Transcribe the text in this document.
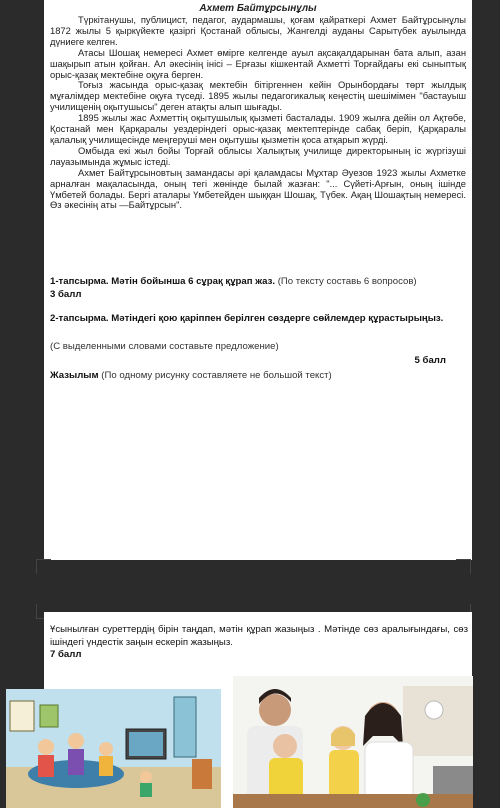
Ахмет Байтұрсынұлы

Түркітанушы, публицист, педагог, аудармашы, қоғам қайраткері Ахмет Байтұрсынұлы 1872 жылы 5 қыркүйекте қазіргі Қостанай облысы, Жангелді ауданы Сарытүбек ауылында дүниеге келген.

Атасы Шошақ немересі Ахмет өмірге келгенде ауыл ақсақалдарынан бата алып, азан шақырып атын қойған. Ал әкесінің інісі – Ерғазы кішкентай Ахметті Торғайдағы екі сыныптық орыс-қазақ мектебіне оқуға берген.

Тоғыз жасында орыс-қазақ мектебін бітіргеннен кейін Орынбордағы төрт жылдық мұғалімдер мектебіне оқуға түседі. 1895 жылы педагогикалық кеңестің шешімімен "бастауыш училищенің оқытушысы" деген атақты алып шығады.

1895 жылы жас Ахметтің оқытушылық қызметі басталады. 1909 жылға дейін ол Ақтөбе, Қостанай мен Қарқаралы уездеріндегі орыс-қазақ мектептерінде сабақ беріп, Қарқаралы қалалық училищесінде меңгеруші мен оқытушы қызметін қоса атқарып жүрді.

Омбыда екі жыл бойы Торғай облысы Халықтық училище директорының іс жүргізуші лауазымында жұмыс істеді.

Ахмет Байтұрсыновтың замандасы әрі қаламдасы Мұхтар Әуезов 1923 жылы Ахметке арналған мақаласында, оның тегі жөнінде былай жазған: "... Сүйеті-Арғын, оның ішінде Үмбетей болады. Бергі аталары Үмбетейден шыққан Шошақ, Түбек. Ақаң Шошақтың немересі. Өз әкесінің аты —Байтұрсын".

1-тапсырма. Мәтін бойынша 6 сұрақ құрап жаз. (По тексту составь 6 вопросов)
3 балл
2-тапсырма. Мәтіндегі қою қаріппен берілген сөздерге сөйлемдер құрастырыңыз.
(С выделенными словами составьте предложение)
5 балл
Жазылым (По одному рисунку составляете не большой текст)
Ұсынылған суреттердің бірін таңдап, мәтін құрап жазыңыз . Мәтінде сөз аралығындағы, сөз ішіндегі үндестік заңын ескеріп жазыңыз.
7 балл
